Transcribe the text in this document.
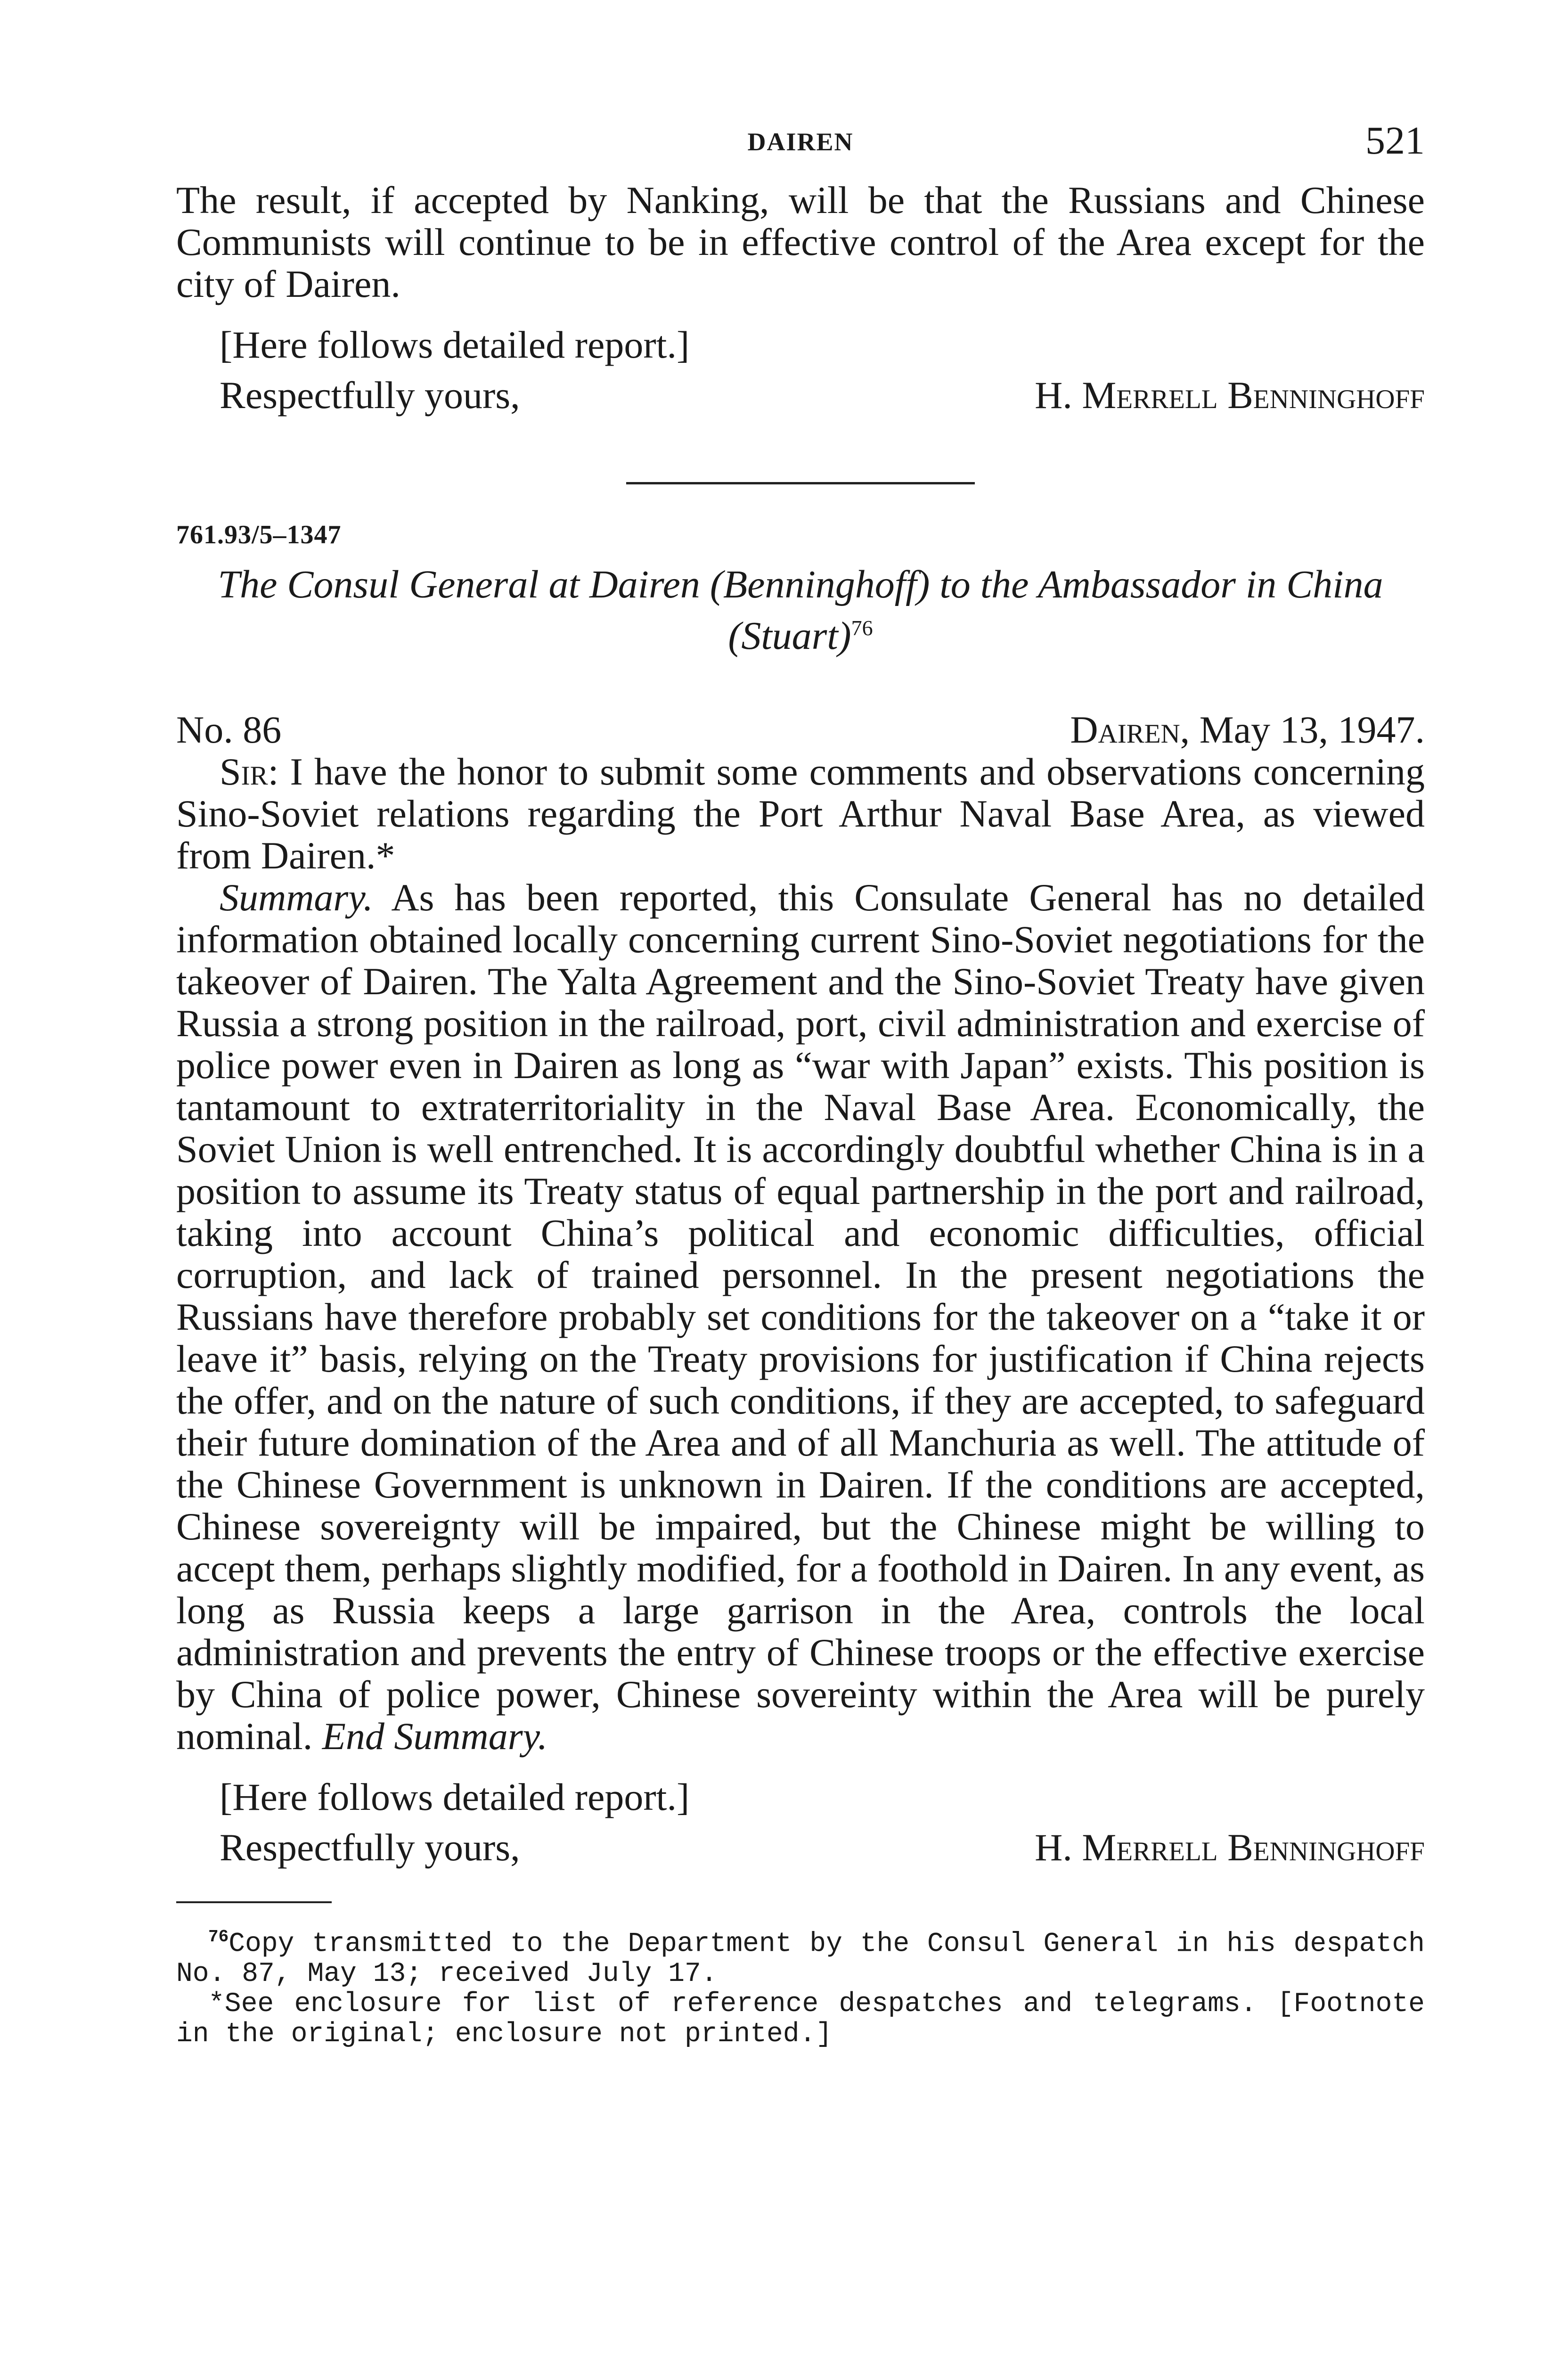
DAIREN	521

The result, if accepted by Nanking, will be that the Russians and Chinese Communists will continue to be in effective control of the Area except for the city of Dairen.

[Here follows detailed report.]
Respectfully yours,	H. Merrell Benninghoff
761.93/5–1347
The Consul General at Dairen (Benninghoff) to the Ambassador in China (Stuart)$^{76}$
No. 86	Dairen, May 13, 1947.

Sir: I have the honor to submit some comments and observations concerning Sino-Soviet relations regarding the Port Arthur Naval Base Area, as viewed from Dairen.*

Summary. As has been reported, this Consulate General has no detailed information obtained locally concerning current Sino-Soviet negotiations for the takeover of Dairen. The Yalta Agreement and the Sino-Soviet Treaty have given Russia a strong position in the railroad, port, civil administration and exercise of police power even in Dairen as long as “war with Japan” exists. This position is tantamount to extraterritoriality in the Naval Base Area. Economically, the Soviet Union is well entrenched. It is accordingly doubtful whether China is in a position to assume its Treaty status of equal partnership in the port and railroad, taking into account China’s political and economic difficulties, official corruption, and lack of trained personnel. In the present negotiations the Russians have therefore probably set conditions for the takeover on a “take it or leave it” basis, relying on the Treaty provisions for justification if China rejects the offer, and on the nature of such conditions, if they are accepted, to safeguard their future domination of the Area and of all Manchuria as well. The attitude of the Chinese Government is unknown in Dairen. If the conditions are accepted, Chinese sovereignty will be impaired, but the Chinese might be willing to accept them, perhaps slightly modified, for a foothold in Dairen. In any event, as long as Russia keeps a large garrison in the Area, controls the local administration and prevents the entry of Chinese troops or the effective exercise by China of police power, Chinese sovereinty within the Area will be purely nominal. End Summary.

[Here follows detailed report.]
Respectfully yours,	H. Merrell Benninghoff

$^{76}$Copy transmitted to the Department by the Consul General in his despatch No. 87, May 13; received July 17.

*See enclosure for list of reference despatches and telegrams. [Footnote in the original; enclosure not printed.]
